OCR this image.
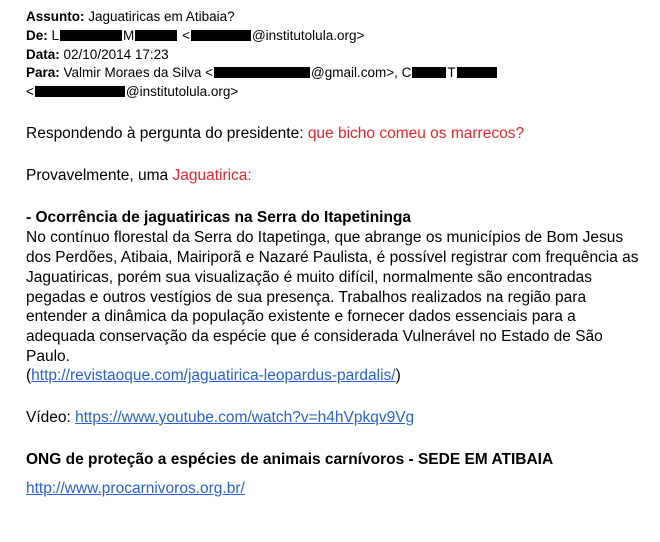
Assunto: Jaguatiricas em Atibaia?
De: L	M	<	@institutolula.org>
Data: 02/10/2014 17:23
Para: Valmir Moraes da Silva <	@gmail.com>, C	T
<	@institutolula.org>
Respondendo à pergunta do presidente: que bicho comeu os marrecos?
Provavelmente, uma Jaguatirica:
- Ocorrência de jaguatiricas na Serra do Itapetininga
No contínuo florestal da Serra do Itapetinga, que abrange os municípios de Bom Jesus dos Perdões, Atibaia, Mairiporã e Nazaré Paulista, é possível registrar com frequência as Jaguatiricas, porém sua visualização é muito difícil, normalmente são encontradas pegadas e outros vestígios de sua presença. Trabalhos realizados na região para entender a dinâmica da população existente e fornecer dados essenciais para a adequada conservação da espécie que é considerada Vulnerável no Estado de São Paulo.
(http://revistaoque.com/jaguatirica-leopardus-pardalis/)
Vídeo: https://www.youtube.com/watch?v=h4hVpkqv9Vg
ONG de proteção a espécies de animais carnívoros - SEDE EM ATIBAIA
http://www.procarnivoros.org.br/
